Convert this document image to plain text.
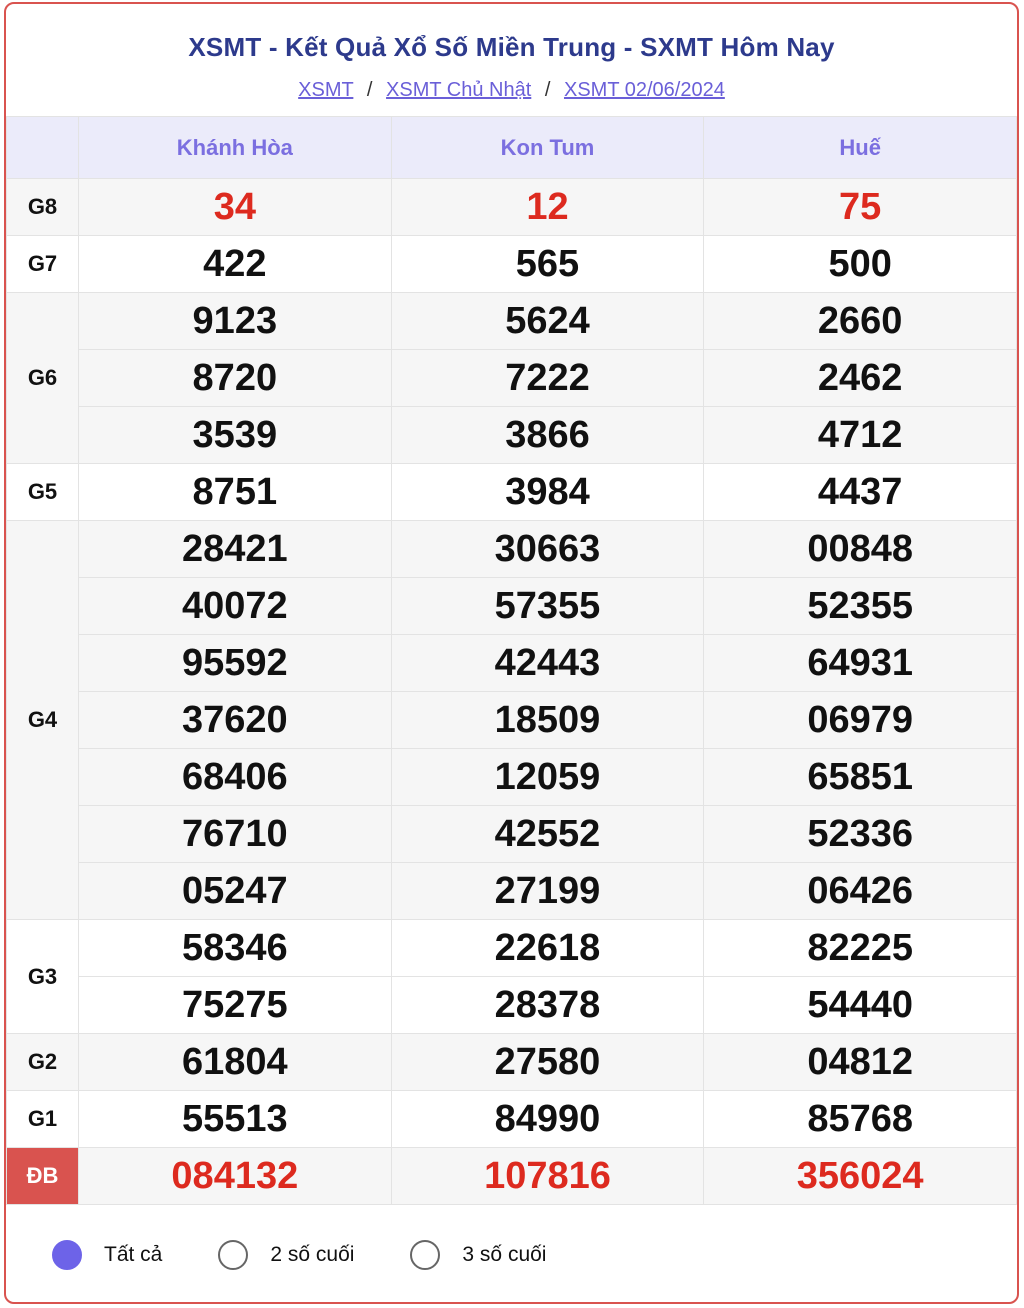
XSMT - Kết Quả Xổ Số Miền Trung - SXMT Hôm Nay
XSMT / XSMT Chủ Nhật / XSMT 02/06/2024
	Khánh Hòa	Kon Tum	Huế
G8	34	12	75
G7	422	565	500
G6	9123	5624	2660
	8720	7222	2462
	3539	3866	4712
G5	8751	3984	4437
G4	28421	30663	00848
	40072	57355	52355
	95592	42443	64931
	37620	18509	06979
	68406	12059	65851
	76710	42552	52336
	05247	27199	06426
G3	58346	22618	82225
	75275	28378	54440
G2	61804	27580	04812
G1	55513	84990	85768
ĐB	084132	107816	356024
Tất cả	2 số cuối	3 số cuối
